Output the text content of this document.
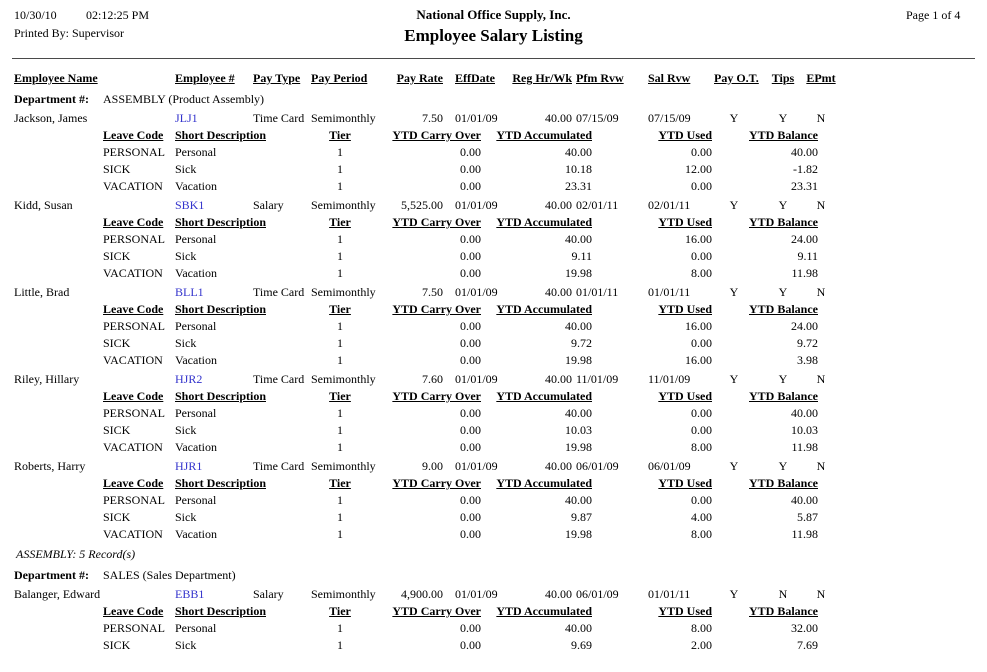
10/30/10 02:12:25 PM
Printed By: Supervisor
National Office Supply, Inc.
Employee Salary Listing
Page 1 of 4
Employee Name	Employee #	Pay Type Pay Period	Pay Rate EffDate	Reg Hr/Wk Pfm Rvw	Sal Rvw	Pay O.T.	Tips	EPmt
Department #: ASSEMBLY (Product Assembly)
Jackson, James	JLJ1	Time Card Semimonthly	7.50 01/01/09	40.00 07/15/09	07/15/09	Y	Y	N
Leave Code Short Description	Tier	YTD Carry Over	YTD Accumulated	YTD Used	YTD Balance
PERSONAL Personal	1	0.00	40.00	0.00	40.00
SICK	Sick	1	0.00	10.18	12.00	-1.82
VACATION	Vacation	1	0.00	23.31	0.00	23.31
Kidd, Susan	SBK1	Salary	Semimonthly	5,525.00 01/01/09	40.00 02/01/11	02/01/11	Y	Y	N
Leave Code Short Description	Tier	YTD Carry Over	YTD Accumulated	YTD Used	YTD Balance
PERSONAL Personal	1	0.00	40.00	16.00	24.00
SICK	Sick	1	0.00	9.11	0.00	9.11
VACATION	Vacation	1	0.00	19.98	8.00	11.98
Little, Brad	BLL1	Time Card Semimonthly	7.50 01/01/09	40.00 01/01/11	01/01/11	Y	Y	N
Leave Code Short Description	Tier	YTD Carry Over	YTD Accumulated	YTD Used	YTD Balance
PERSONAL Personal	1	0.00	40.00	16.00	24.00
SICK	Sick	1	0.00	9.72	0.00	9.72
VACATION	Vacation	1	0.00	19.98	16.00	3.98
Riley, Hillary	HJR2	Time Card Semimonthly	7.60 01/01/09	40.00 11/01/09	11/01/09	Y	Y	N
Leave Code Short Description	Tier	YTD Carry Over	YTD Accumulated	YTD Used	YTD Balance
PERSONAL Personal	1	0.00	40.00	0.00	40.00
SICK	Sick	1	0.00	10.03	0.00	10.03
VACATION	Vacation	1	0.00	19.98	8.00	11.98
Roberts, Harry	HJR1	Time Card Semimonthly	9.00 01/01/09	40.00 06/01/09	06/01/09	Y	Y	N
Leave Code Short Description	Tier	YTD Carry Over	YTD Accumulated	YTD Used	YTD Balance
PERSONAL Personal	1	0.00	40.00	0.00	40.00
SICK	Sick	1	0.00	9.87	4.00	5.87
VACATION	Vacation	1	0.00	19.98	8.00	11.98
ASSEMBLY: 5 Record(s)
Department #: SALES (Sales Department)
Balanger, Edward	EBB1	Salary	Semimonthly	4,900.00 01/01/09	40.00 06/01/09	01/01/11	Y	N	N
Leave Code Short Description	Tier	YTD Carry Over	YTD Accumulated	YTD Used	YTD Balance
PERSONAL Personal	1	0.00	40.00	8.00	32.00
SICK	Sick	1	0.00	9.69	2.00	7.69
